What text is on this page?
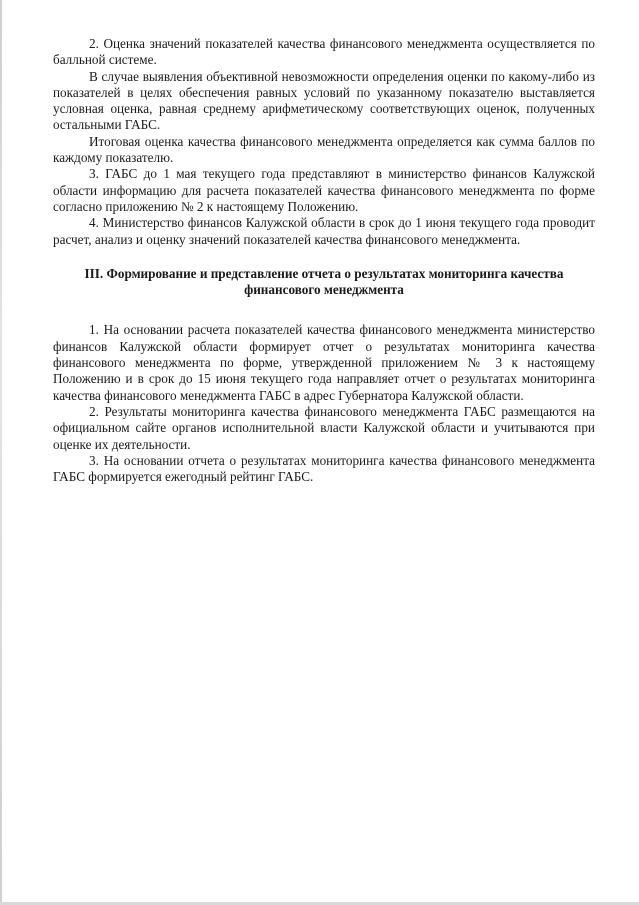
2. Оценка значений показателей качества финансового менеджмента осуществляется по балльной системе.

В случае выявления объективной невозможности определения оценки по какому-либо из показателей в целях обеспечения равных условий по указанному показателю выставляется условная оценка, равная среднему арифметическому соответствующих оценок, полученных остальными ГАБС.

Итоговая оценка качества финансового менеджмента определяется как сумма баллов по каждому показателю.

3. ГАБС до 1 мая текущего года представляют в министерство финансов Калужской области информацию для расчета показателей качества финансового менеджмента по форме согласно приложению № 2 к настоящему Положению.

4. Министерство финансов Калужской области в срок до 1 июня текущего года проводит расчет, анализ и оценку значений показателей качества финансового менеджмента.

III. Формирование и представление отчета о результатах мониторинга качества финансового менеджмента

1. На основании расчета показателей качества финансового менеджмента министерство финансов Калужской области формирует отчет о результатах мониторинга качества финансового менеджмента по форме, утвержденной приложением № 3 к настоящему Положению и в срок до 15 июня текущего года направляет отчет о результатах мониторинга качества финансового менеджмента ГАБС в адрес Губернатора Калужской области.

2. Результаты мониторинга качества финансового менеджмента ГАБС размещаются на официальном сайте органов исполнительной власти Калужской области и учитываются при оценке их деятельности.

3. На основании отчета о результатах мониторинга качества финансового менеджмента ГАБС формируется ежегодный рейтинг ГАБС.
